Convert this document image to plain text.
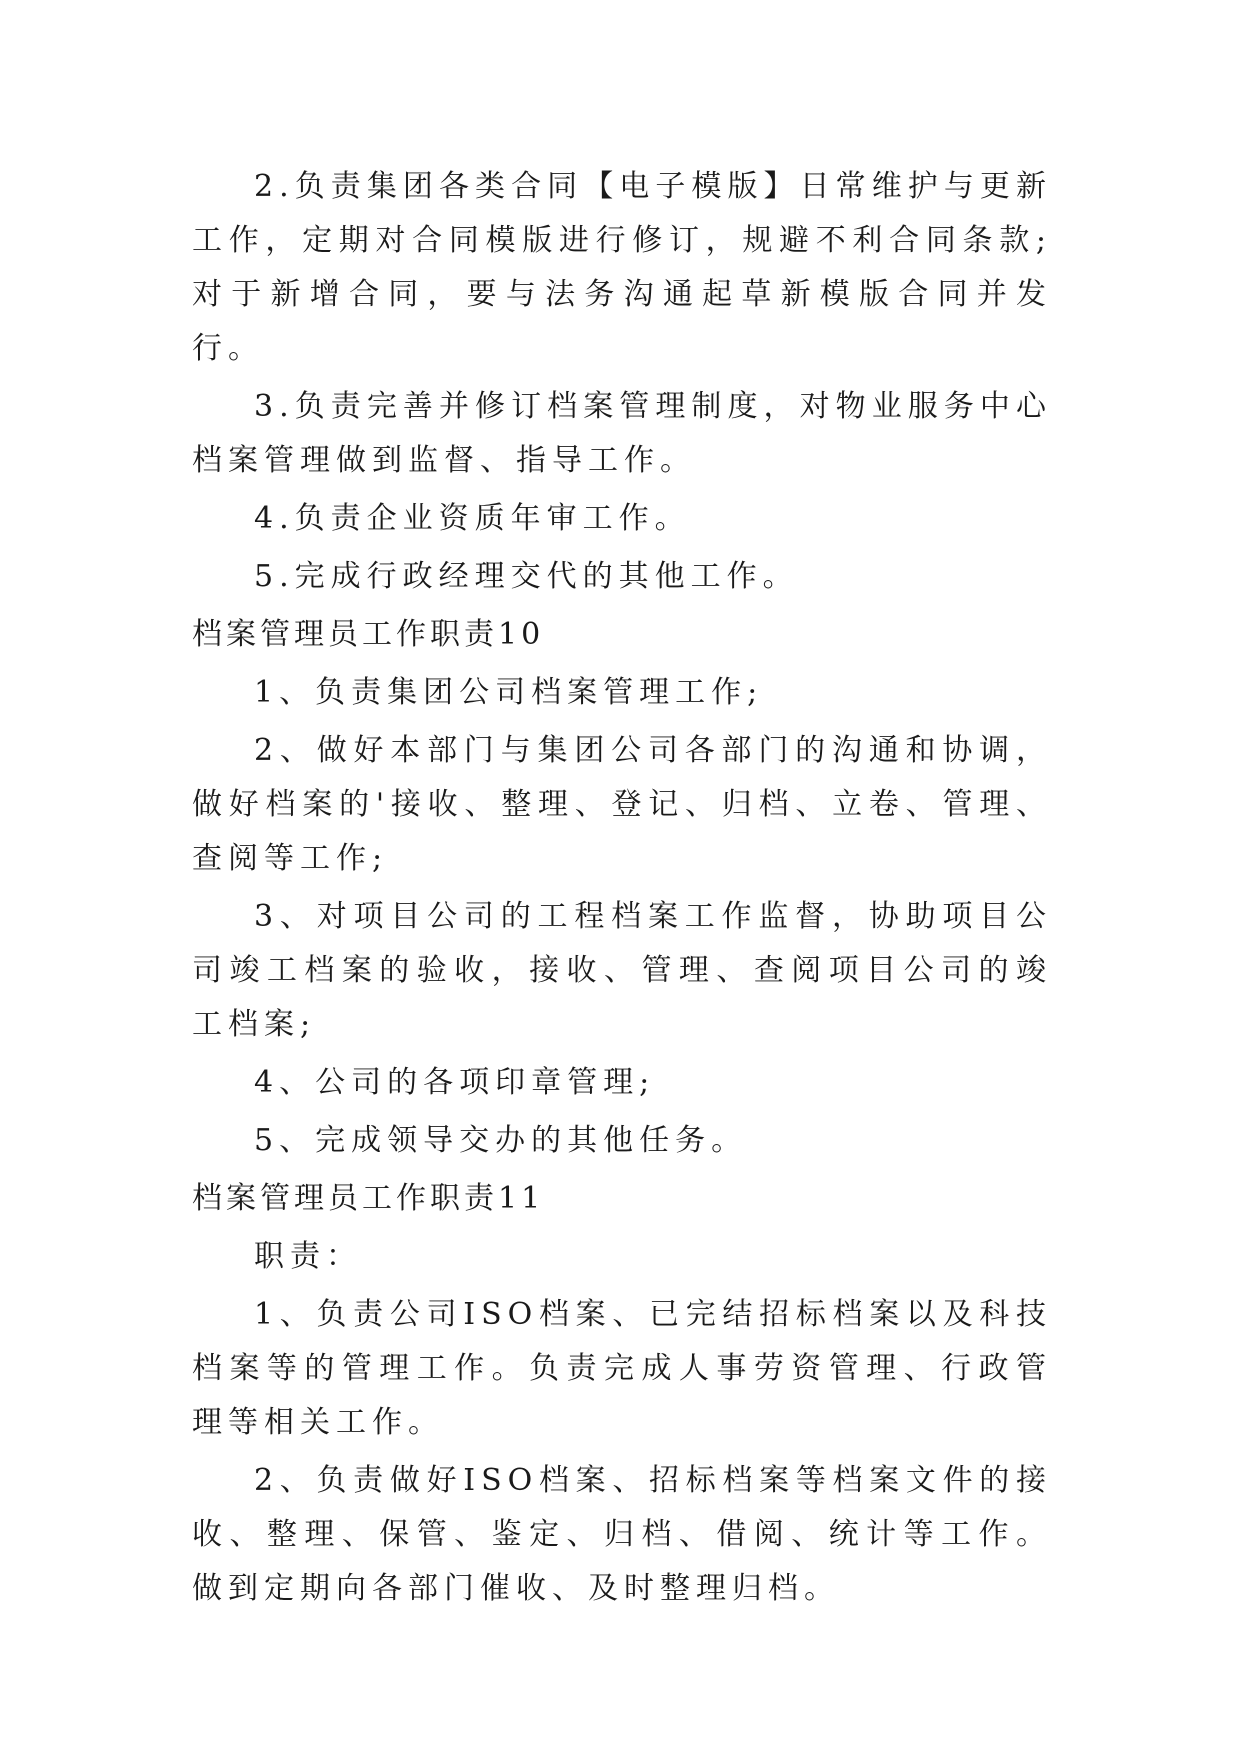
2.负责集团各类合同【电子模版】日常维护与更新工作，定期对合同模版进行修订，规避不利合同条款;对于新增合同，要与法务沟通起草新模版合同并发行。

3.负责完善并修订档案管理制度，对物业服务中心档案管理做到监督、指导工作。

4.负责企业资质年审工作。

5.完成行政经理交代的其他工作。

档案管理员工作职责10

1、负责集团公司档案管理工作;

2、做好本部门与集团公司各部门的沟通和协调，做好档案的'接收、整理、登记、归档、立卷、管理、查阅等工作;

3、对项目公司的工程档案工作监督，协助项目公司竣工档案的验收，接收、管理、查阅项目公司的竣工档案;

4、公司的各项印章管理;

5、完成领导交办的其他任务。

档案管理员工作职责11

职责：

1、负责公司ISO档案、已完结招标档案以及科技档案等的管理工作。负责完成人事劳资管理、行政管理等相关工作。

2、负责做好ISO档案、招标档案等档案文件的接收、整理、保管、鉴定、归档、借阅、统计等工作。做到定期向各部门催收、及时整理归档。
